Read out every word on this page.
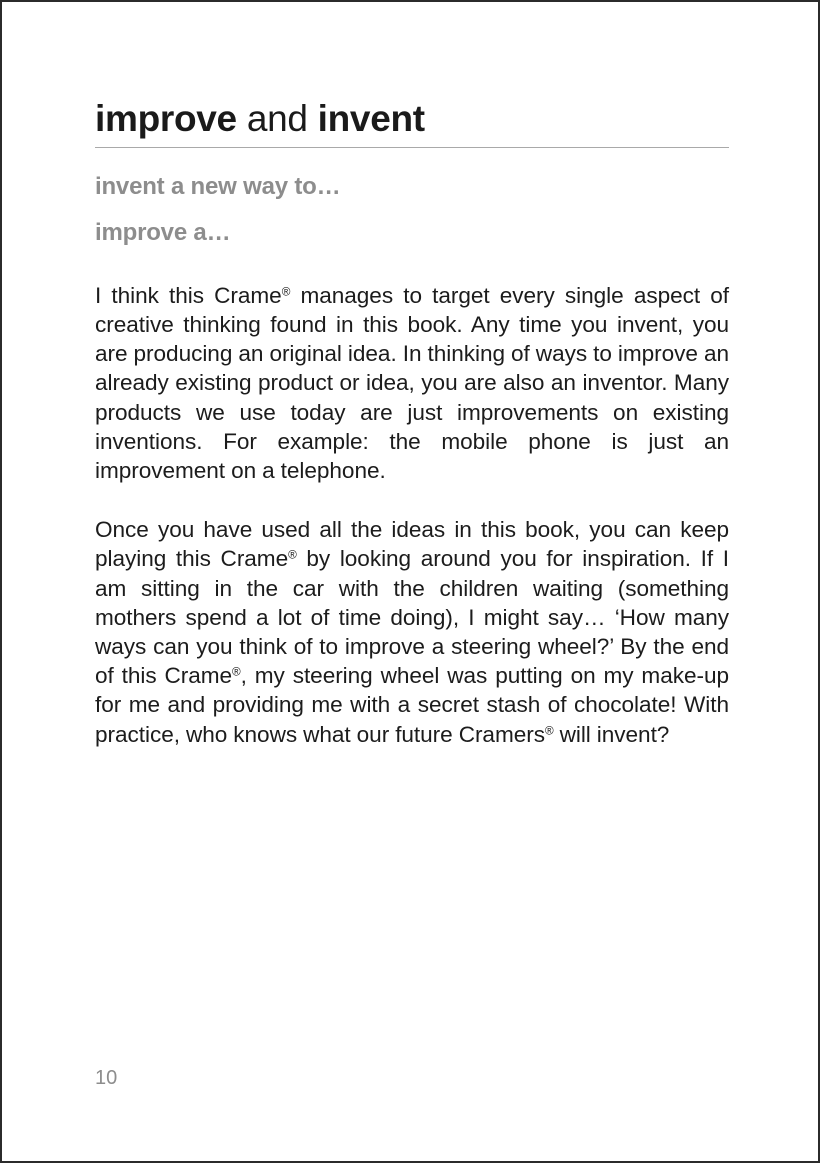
improve and invent
invent a new way to…
improve a…

I think this Crame® manages to target every single aspect of creative thinking found in this book. Any time you invent, you are producing an original idea. In thinking of ways to improve an already existing product or idea, you are also an inventor. Many products we use today are just improvements on existing inventions. For example: the mobile phone is just an improvement on a telephone.

Once you have used all the ideas in this book, you can keep playing this Crame® by looking around you for inspiration. If I am sitting in the car with the children waiting (something mothers spend a lot of time doing), I might say… ‘How many ways can you think of to improve a steering wheel?’ By the end of this Crame®, my steering wheel was putting on my make-up for me and providing me with a secret stash of chocolate! With practice, who knows what our future Cramers® will invent?

10
